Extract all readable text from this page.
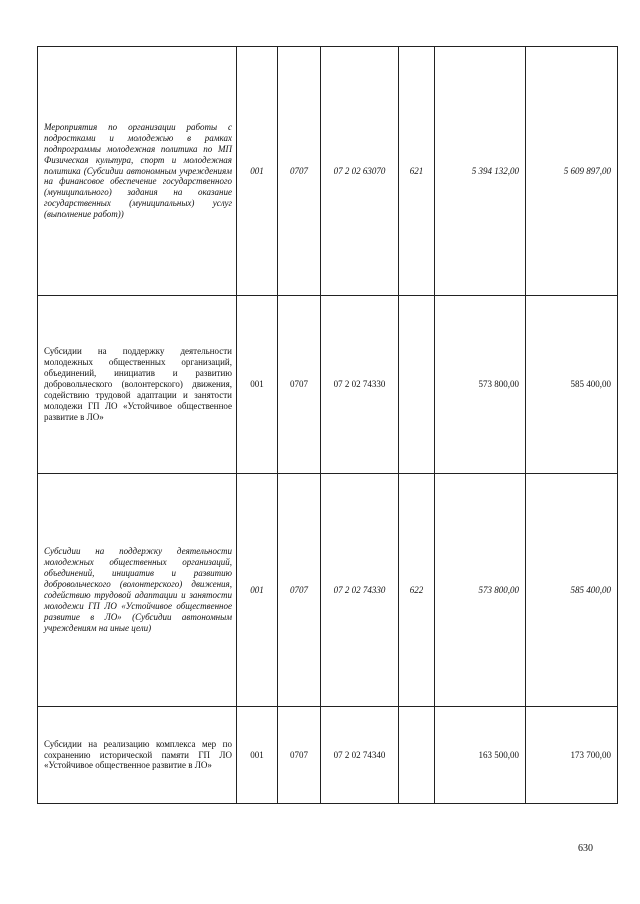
Мероприятия по организации работы с подростками и молодежью в рамках подпрограммы молодежная политика по МП Физическая культура, спорт и молодежная политика (Субсидии автономным учреждениям на финансовое обеспечение государственного (муниципального) задания на оказание государственных (муниципальных) услуг (выполнение работ))	001	0707	07 2 02 63070	621	5 394 132,00	5 609 897,00
Субсидии на поддержку деятельности молодежных общественных организаций, объединений, инициатив и развитию добровольческого (волонтерского) движения, содействию трудовой адаптации и занятости молодежи ГП ЛО «Устойчивое общественное развитие в ЛО»	001	0707	07 2 02 74330		573 800,00	585 400,00
Субсидии на поддержку деятельности молодежных общественных организаций, объединений, инициатив и развитию добровольческого (волонтерского) движения, содействию трудовой адаптации и занятости молодежи ГП ЛО «Устойчивое общественное развитие в ЛО» (Субсидии автономным учреждениям на иные цели)	001	0707	07 2 02 74330	622	573 800,00	585 400,00
Субсидии на реализацию комплекса мер по сохранению исторической памяти ГП ЛО «Устойчивое общественное развитие в ЛО»	001	0707	07 2 02 74340		163 500,00	173 700,00
630
